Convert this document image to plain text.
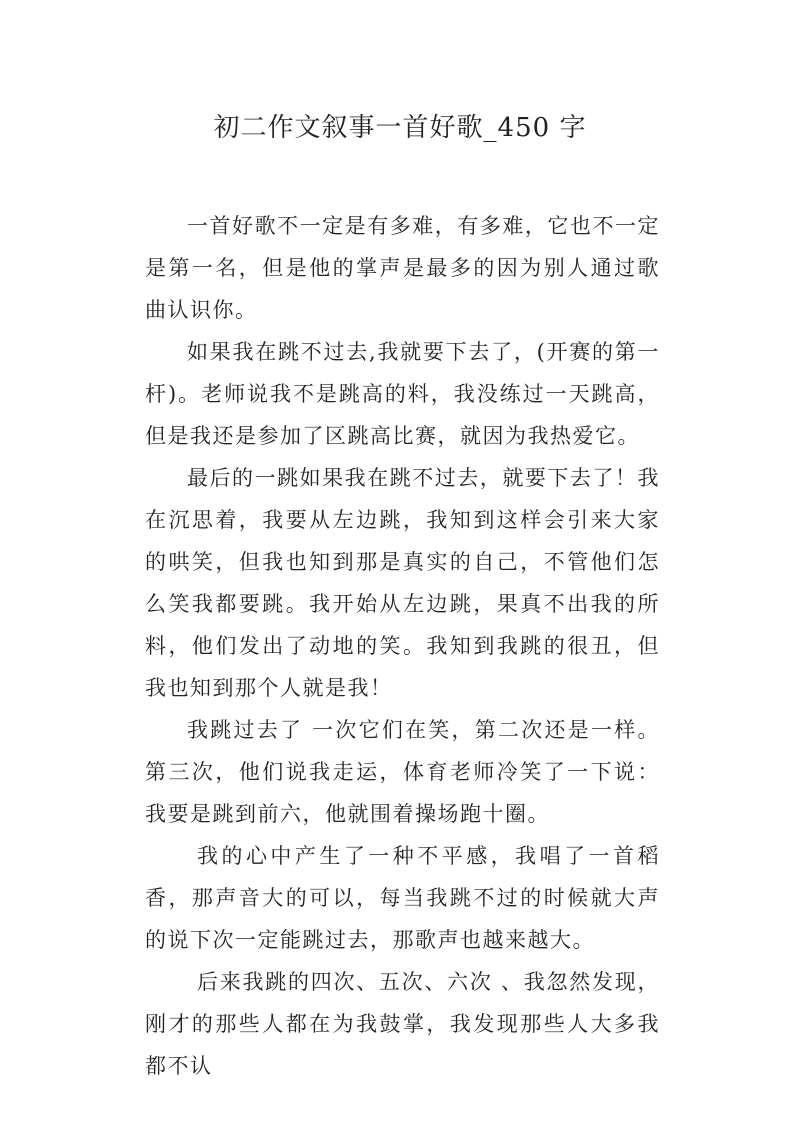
初二作文叙事一首好歌_450 字

一首好歌不一定是有多难，有多难，它也不一定是第一名，但是他的掌声是最多的因为别人通过歌曲认识你。

如果我在跳不过去,我就要下去了，(开赛的第一杆)。老师说我不是跳高的料，我没练过一天跳高，但是我还是参加了区跳高比赛，就因为我热爱它。

最后的一跳如果我在跳不过去，就要下去了！我在沉思着，我要从左边跳，我知到这样会引来大家的哄笑，但我也知到那是真实的自己，不管他们怎么笑我都要跳。我开始从左边跳，果真不出我的所料，他们发出了动地的笑。我知到我跳的很丑，但我也知到那个人就是我！

我跳过去了 一次它们在笑，第二次还是一样。第三次，他们说我走运，体育老师冷笑了一下说：我要是跳到前六，他就围着操场跑十圈。

我的心中产生了一种不平感，我唱了一首稻香，那声音大的可以，每当我跳不过的时候就大声的说下次一定能跳过去，那歌声也越来越大。

后来我跳的四次、五次、六次 、我忽然发现，刚才的那些人都在为我鼓掌，我发现那些人大多我都不认
